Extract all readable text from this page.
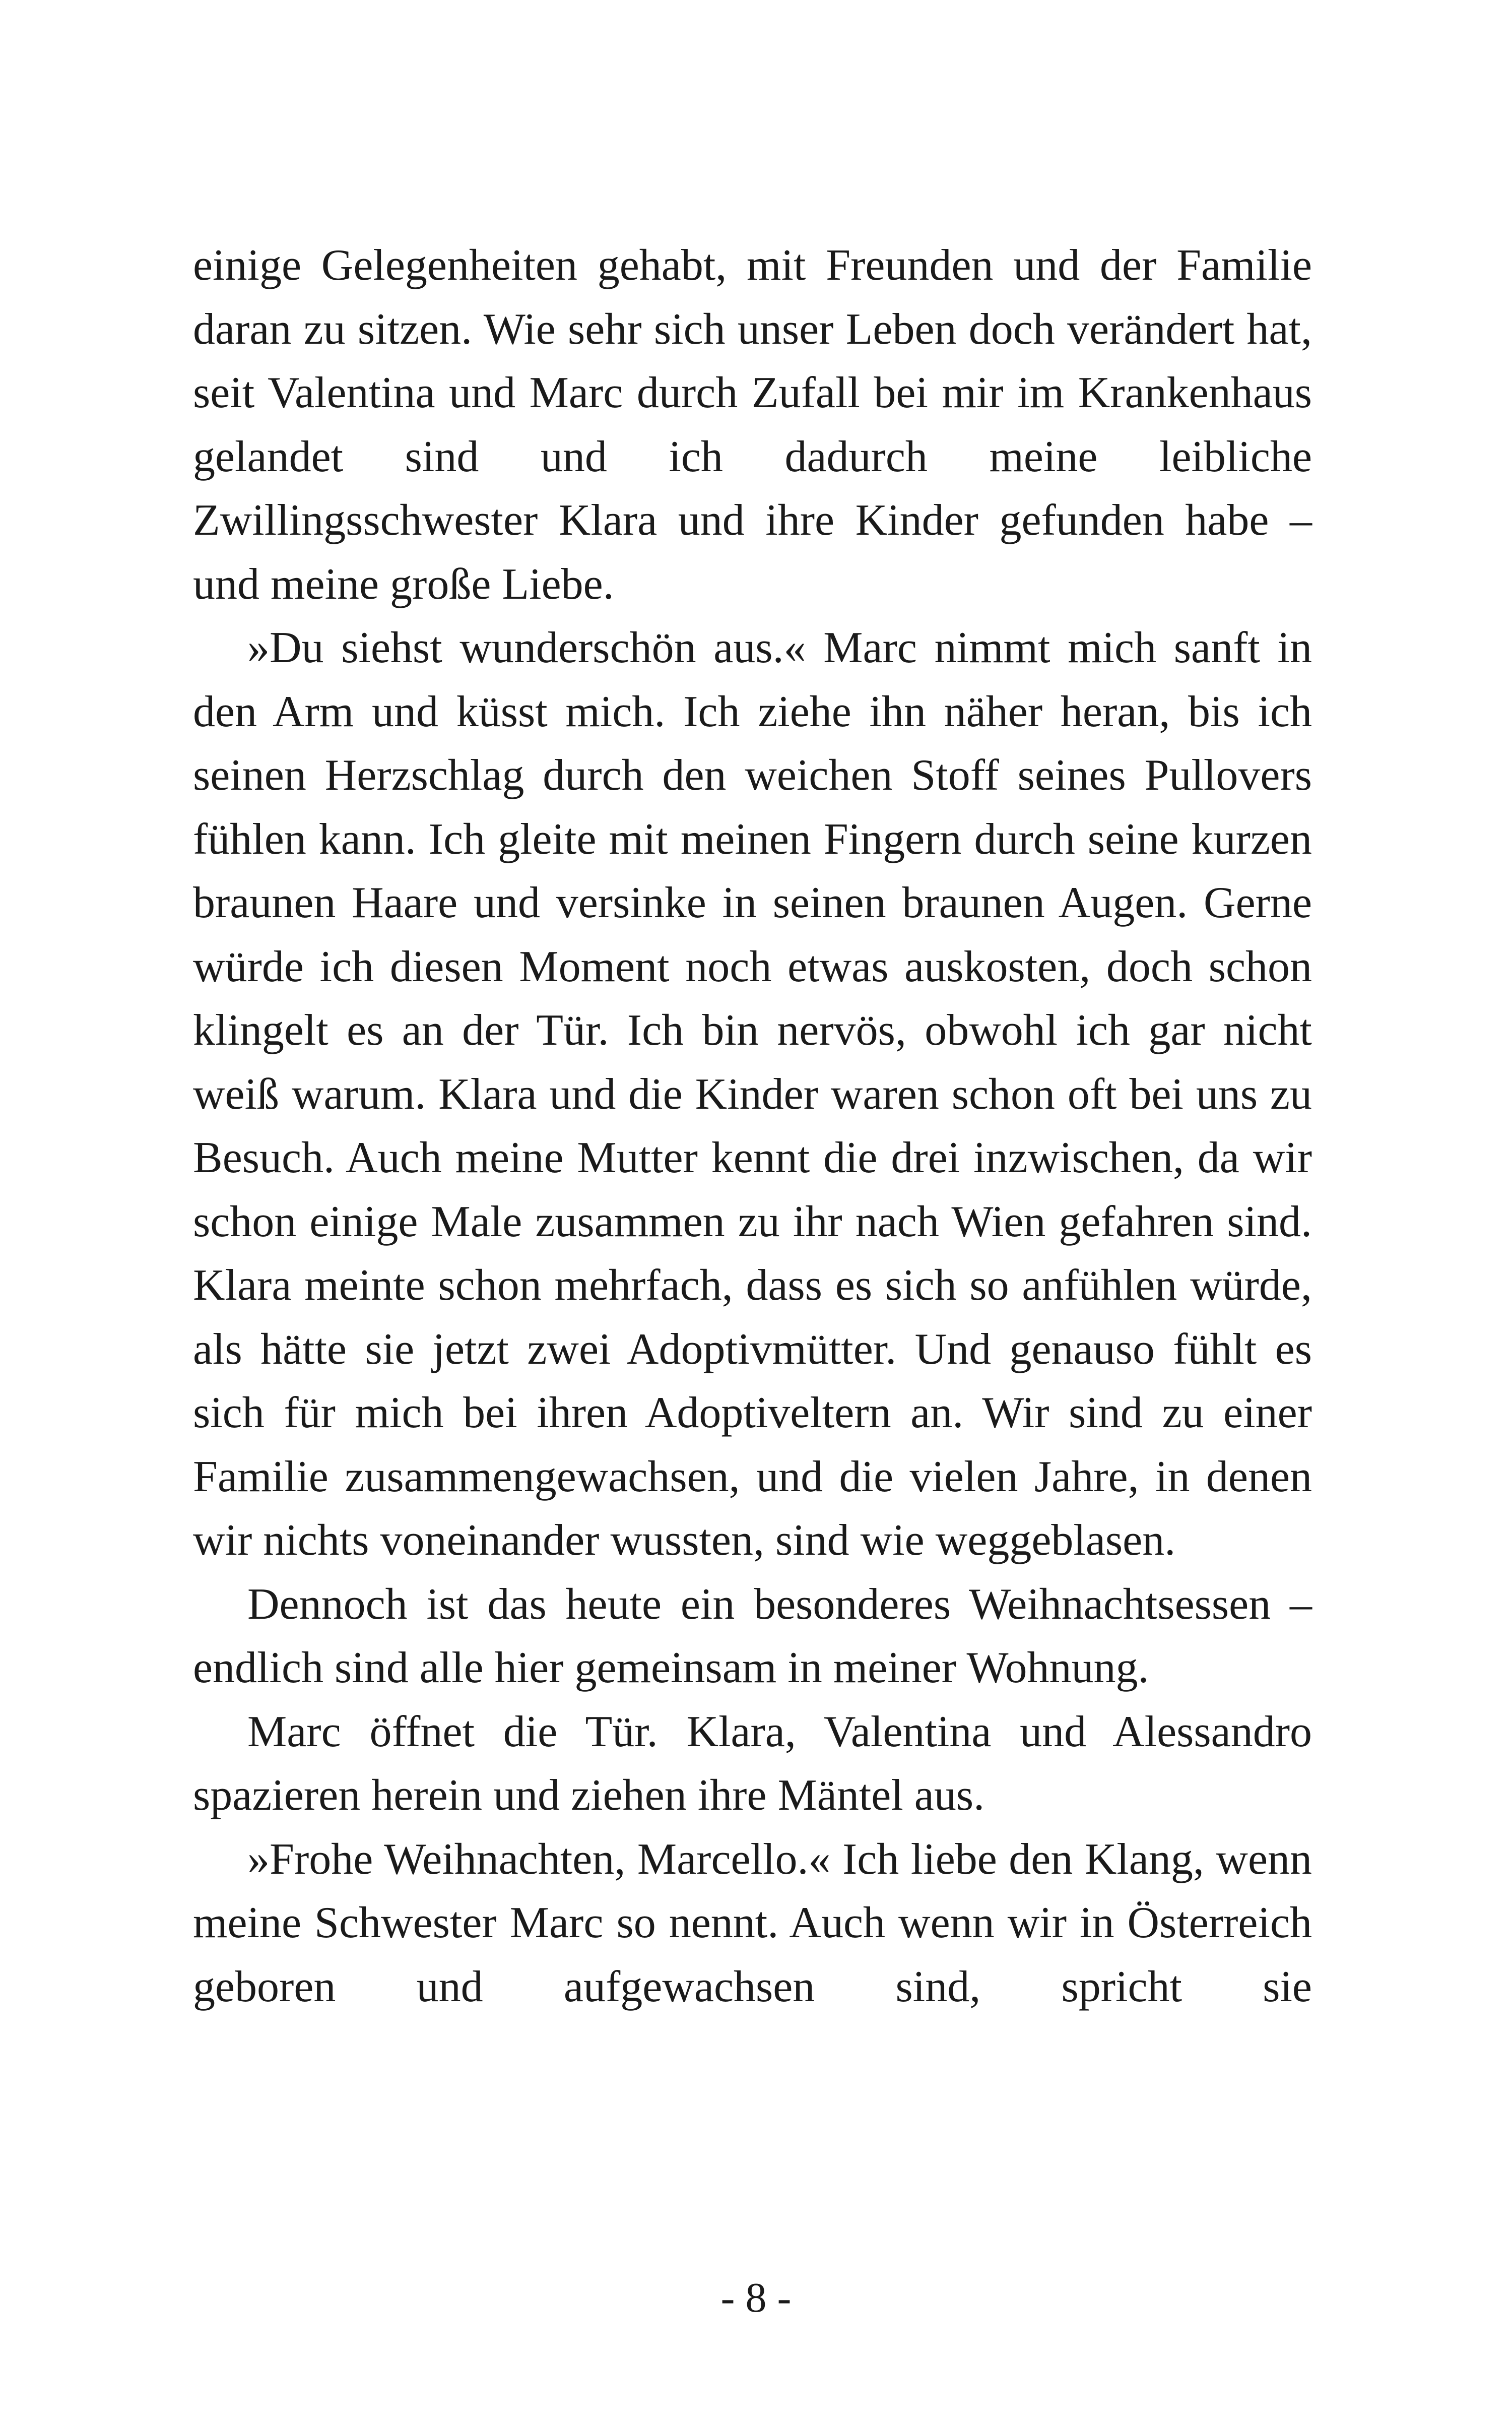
einige Gelegenheiten gehabt, mit Freunden und der Familie daran zu sitzen. Wie sehr sich unser Leben doch verändert hat, seit Valentina und Marc durch Zufall bei mir im Krankenhaus gelandet sind und ich dadurch meine leibliche Zwillingsschwester Klara und ihre Kinder gefunden habe – und meine große Liebe.

»Du siehst wunderschön aus.« Marc nimmt mich sanft in den Arm und küsst mich. Ich ziehe ihn näher heran, bis ich seinen Herzschlag durch den weichen Stoff seines Pullovers fühlen kann. Ich gleite mit meinen Fingern durch seine kurzen braunen Haare und versinke in seinen braunen Augen. Gerne würde ich diesen Moment noch etwas auskosten, doch schon klingelt es an der Tür. Ich bin nervös, obwohl ich gar nicht weiß warum. Klara und die Kinder waren schon oft bei uns zu Besuch. Auch meine Mutter kennt die drei inzwischen, da wir schon einige Male zusammen zu ihr nach Wien gefahren sind. Klara meinte schon mehrfach, dass es sich so anfühlen würde, als hätte sie jetzt zwei Adoptivmütter. Und genauso fühlt es sich für mich bei ihren Adoptiveltern an. Wir sind zu einer Familie zusammengewachsen, und die vielen Jahre, in denen wir nichts voneinander wussten, sind wie weggeblasen.

Dennoch ist das heute ein besonderes Weihnachtsessen – endlich sind alle hier gemeinsam in meiner Wohnung.

Marc öffnet die Tür. Klara, Valentina und Alessandro spazieren herein und ziehen ihre Mäntel aus.

»Frohe Weihnachten, Marcello.« Ich liebe den Klang, wenn meine Schwester Marc so nennt. Auch wenn wir in Österreich geboren und aufgewachsen sind, spricht sie

- 8 -
